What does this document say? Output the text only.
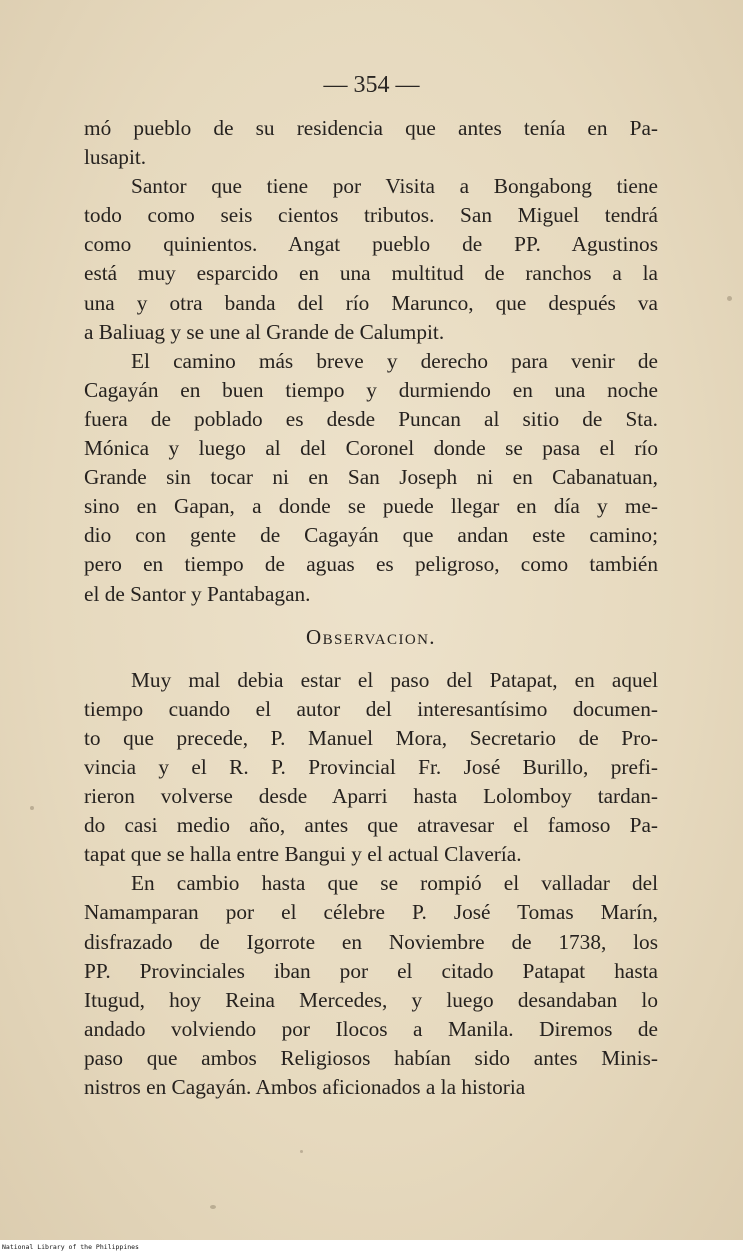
— 354 —
mó pueblo de su residencia que antes tenía en Pa-
lusapit.
Santor que tiene por Visita a Bongabong tiene
todo como seis cientos tributos. San Miguel tendrá
como quinientos. Angat pueblo de PP. Agustinos
está muy esparcido en una multitud de ranchos a la
una y otra banda del río Marunco, que después va
a Baliuag y se une al Grande de Calumpit.
El camino más breve y derecho para venir de
Cagayán en buen tiempo y durmiendo en una noche
fuera de poblado es desde Puncan al sitio de Sta.
Mónica y luego al del Coronel donde se pasa el río
Grande sin tocar ni en San Joseph ni en Cabanatuan,
sino en Gapan, a donde se puede llegar en día y me-
dio con gente de Cagayán que andan este camino;
pero en tiempo de aguas es peligroso, como también
el de Santor y Pantabagan.
Observacion.
Muy mal debia estar el paso del Patapat, en aquel
tiempo cuando el autor del interesantísimo documen-
to que precede, P. Manuel Mora, Secretario de Pro-
vincia y el R. P. Provincial Fr. José Burillo, prefi-
rieron volverse desde Aparri hasta Lolomboy tardan-
do casi medio año, antes que atravesar el famoso Pa-
tapat que se halla entre Bangui y el actual Clavería.
En cambio hasta que se rompió el valladar del
Namamparan por el célebre P. José Tomas Marín,
disfrazado de Igorrote en Noviembre de 1738, los
PP. Provinciales iban por el citado Patapat hasta
Itugud, hoy Reina Mercedes, y luego desandaban lo
andado volviendo por Ilocos a Manila. Diremos de
paso que ambos Religiosos habían sido antes Minis-
nistros en Cagayán. Ambos aficionados a la historia
National Library of the Philippines
